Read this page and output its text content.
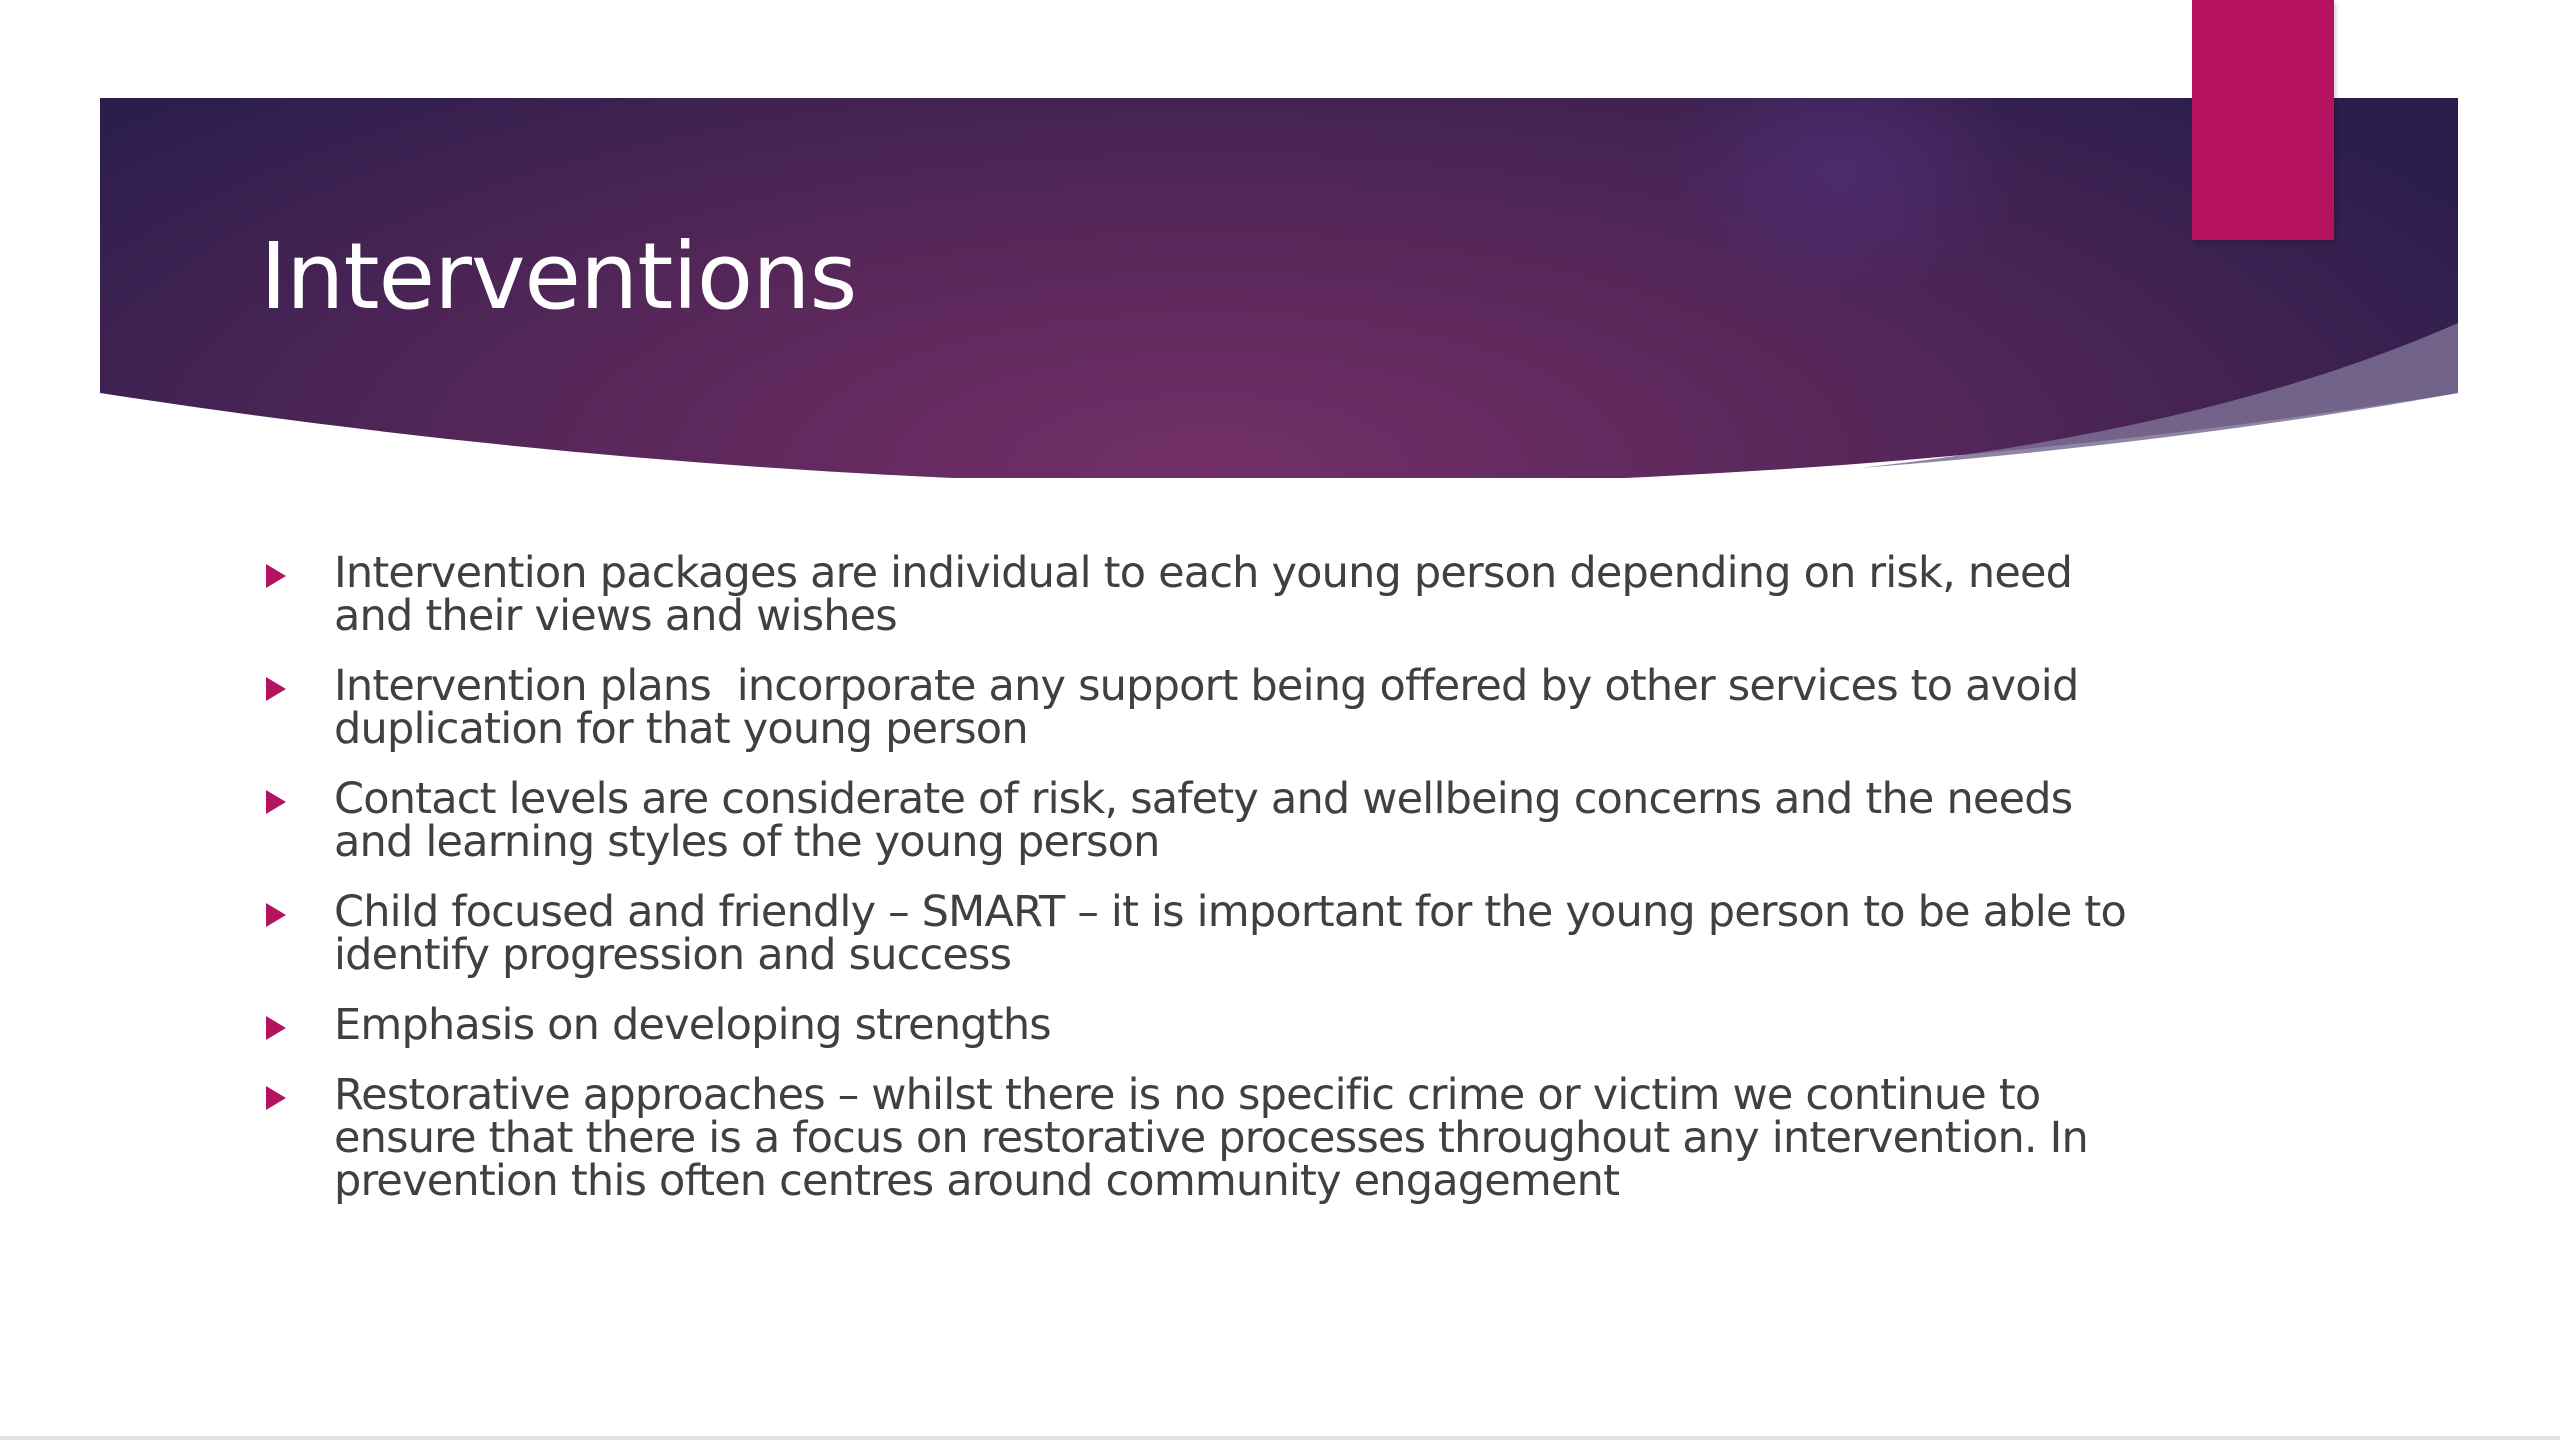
Interventions
Intervention packages are individual to each young person depending on risk, need and their views and wishes
Intervention plans  incorporate any support being offered by other services to avoid duplication for that young person
Contact levels are considerate of risk, safety and wellbeing concerns and the needs and learning styles of the young person
Child focused and friendly – SMART – it is important for the young person to be able to identify progression and success
Emphasis on developing strengths
Restorative approaches – whilst there is no specific crime or victim we continue to ensure that there is a focus on restorative processes throughout any intervention. In prevention this often centres around community engagement
